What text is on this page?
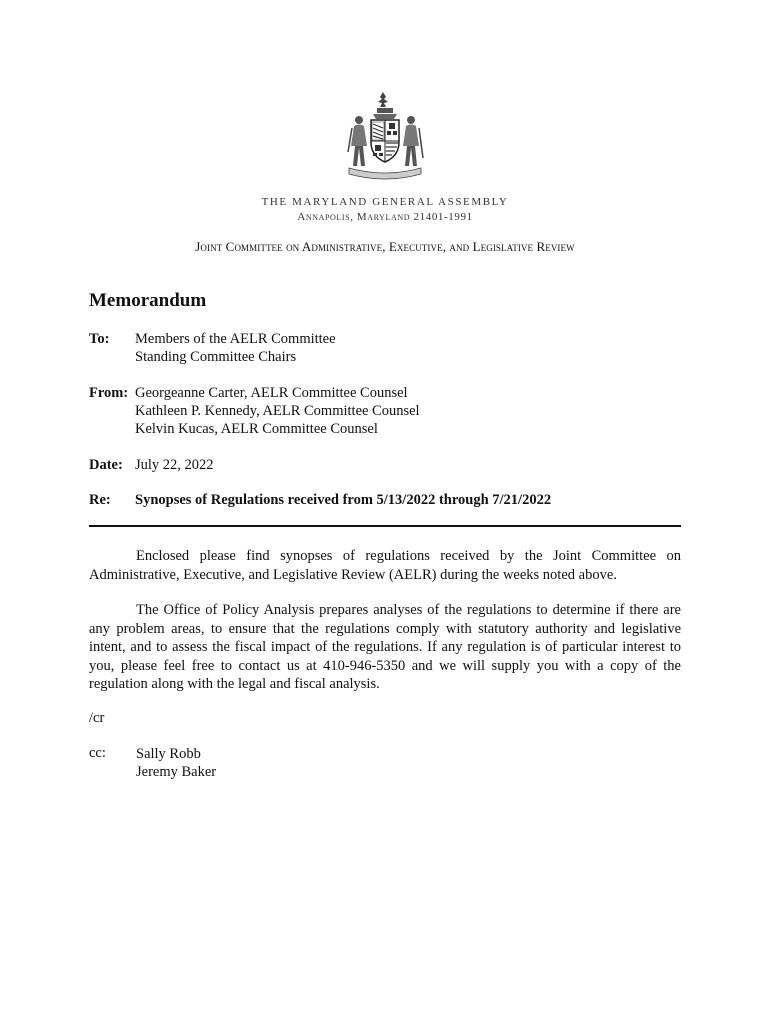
THE MARYLAND GENERAL ASSEMBLY
Annapolis, Maryland 21401-1991
Joint Committee on Administrative, Executive, and Legislative Review
Memorandum
To: Members of the AELR Committee
Standing Committee Chairs
From: Georgeanne Carter, AELR Committee Counsel
Kathleen P. Kennedy, AELR Committee Counsel
Kelvin Kucas, AELR Committee Counsel
Date: July 22, 2022
Re: Synopses of Regulations received from 5/13/2022 through 7/21/2022

Enclosed please find synopses of regulations received by the Joint Committee on Administrative, Executive, and Legislative Review (AELR) during the weeks noted above.

The Office of Policy Analysis prepares analyses of the regulations to determine if there are any problem areas, to ensure that the regulations comply with statutory authority and legislative intent, and to assess the fiscal impact of the regulations. If any regulation is of particular interest to you, please feel free to contact us at 410-946-5350 and we will supply you with a copy of the regulation along with the legal and fiscal analysis.

/cr
cc: Sally Robb
Jeremy Baker
